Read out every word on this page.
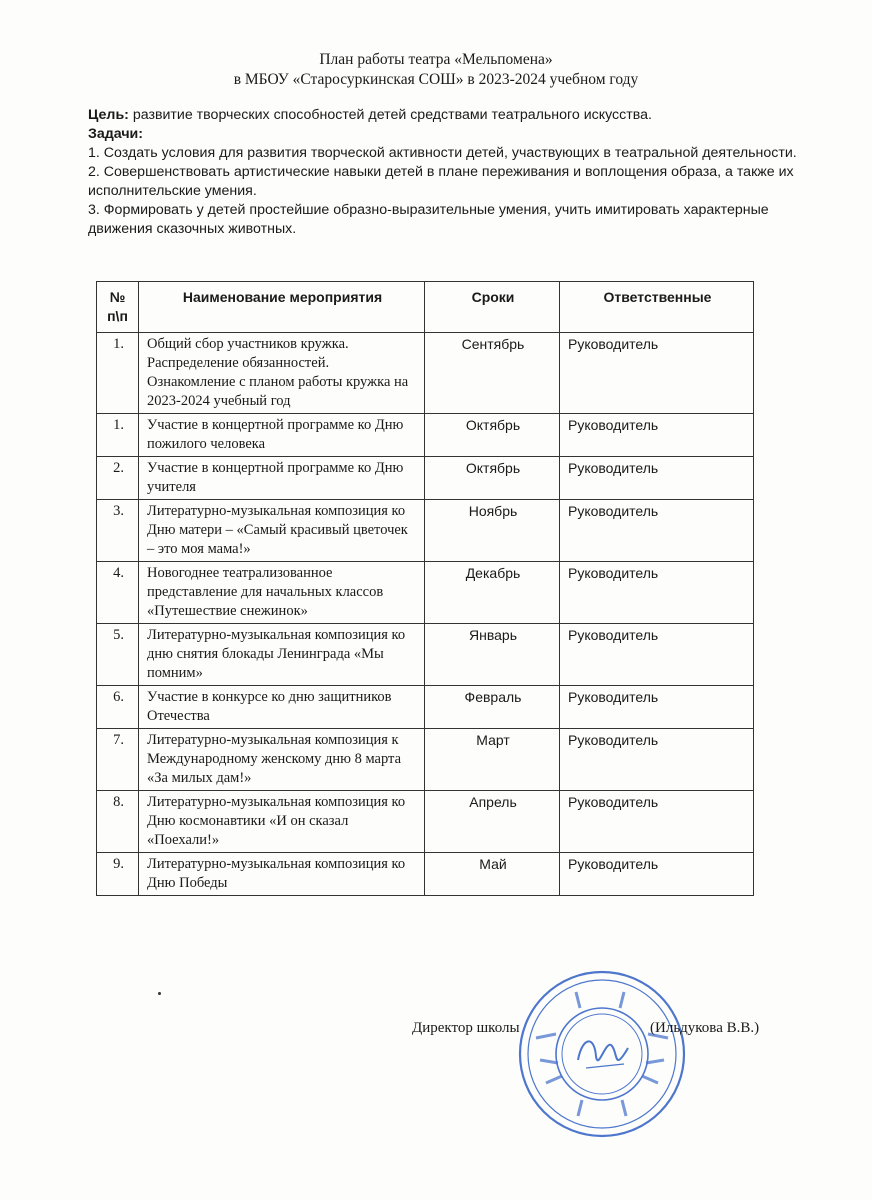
План работы театра «Мельпомена»
в МБОУ «Старосуркинская СОШ» в 2023-2024 учебном году
Цель: развитие творческих способностей детей средствами театрального искусства.
Задачи:
1. Создать условия для развития творческой активности детей, участвующих в театральной деятельности.
2. Совершенствовать артистические навыки детей в плане переживания и воплощения образа, а также их исполнительские умения.
3. Формировать у детей простейшие образно-выразительные умения, учить имитировать характерные движения сказочных животных.
№ п\п	Наименование мероприятия	Сроки	Ответственные
1.	Общий сбор участников кружка. Распределение обязанностей. Ознакомление с планом работы кружка на 2023-2024 учебный год	Сентябрь	Руководитель
1.	Участие в концертной программе ко Дню пожилого человека	Октябрь	Руководитель
2.	Участие в концертной программе ко Дню учителя	Октябрь	Руководитель
3.	Литературно-музыкальная композиция ко Дню матери – «Самый красивый цветочек – это моя мама!»	Ноябрь	Руководитель
4.	Новогоднее театрализованное представление для начальных классов «Путешествие снежинок»	Декабрь	Руководитель
5.	Литературно-музыкальная композиция ко дню снятия блокады Ленинграда «Мы помним»	Январь	Руководитель
6.	Участие в конкурсе ко дню защитников Отечества	Февраль	Руководитель
7.	Литературно-музыкальная композиция к Международному женскому дню 8 марта «За милых дам!»	Март	Руководитель
8.	Литературно-музыкальная композиция ко Дню космонавтики «И он сказал «Поехали!»	Апрель	Руководитель
9.	Литературно-музыкальная композиция ко Дню Победы	Май	Руководитель
Директор школы	(Ильдукова В.В.)
